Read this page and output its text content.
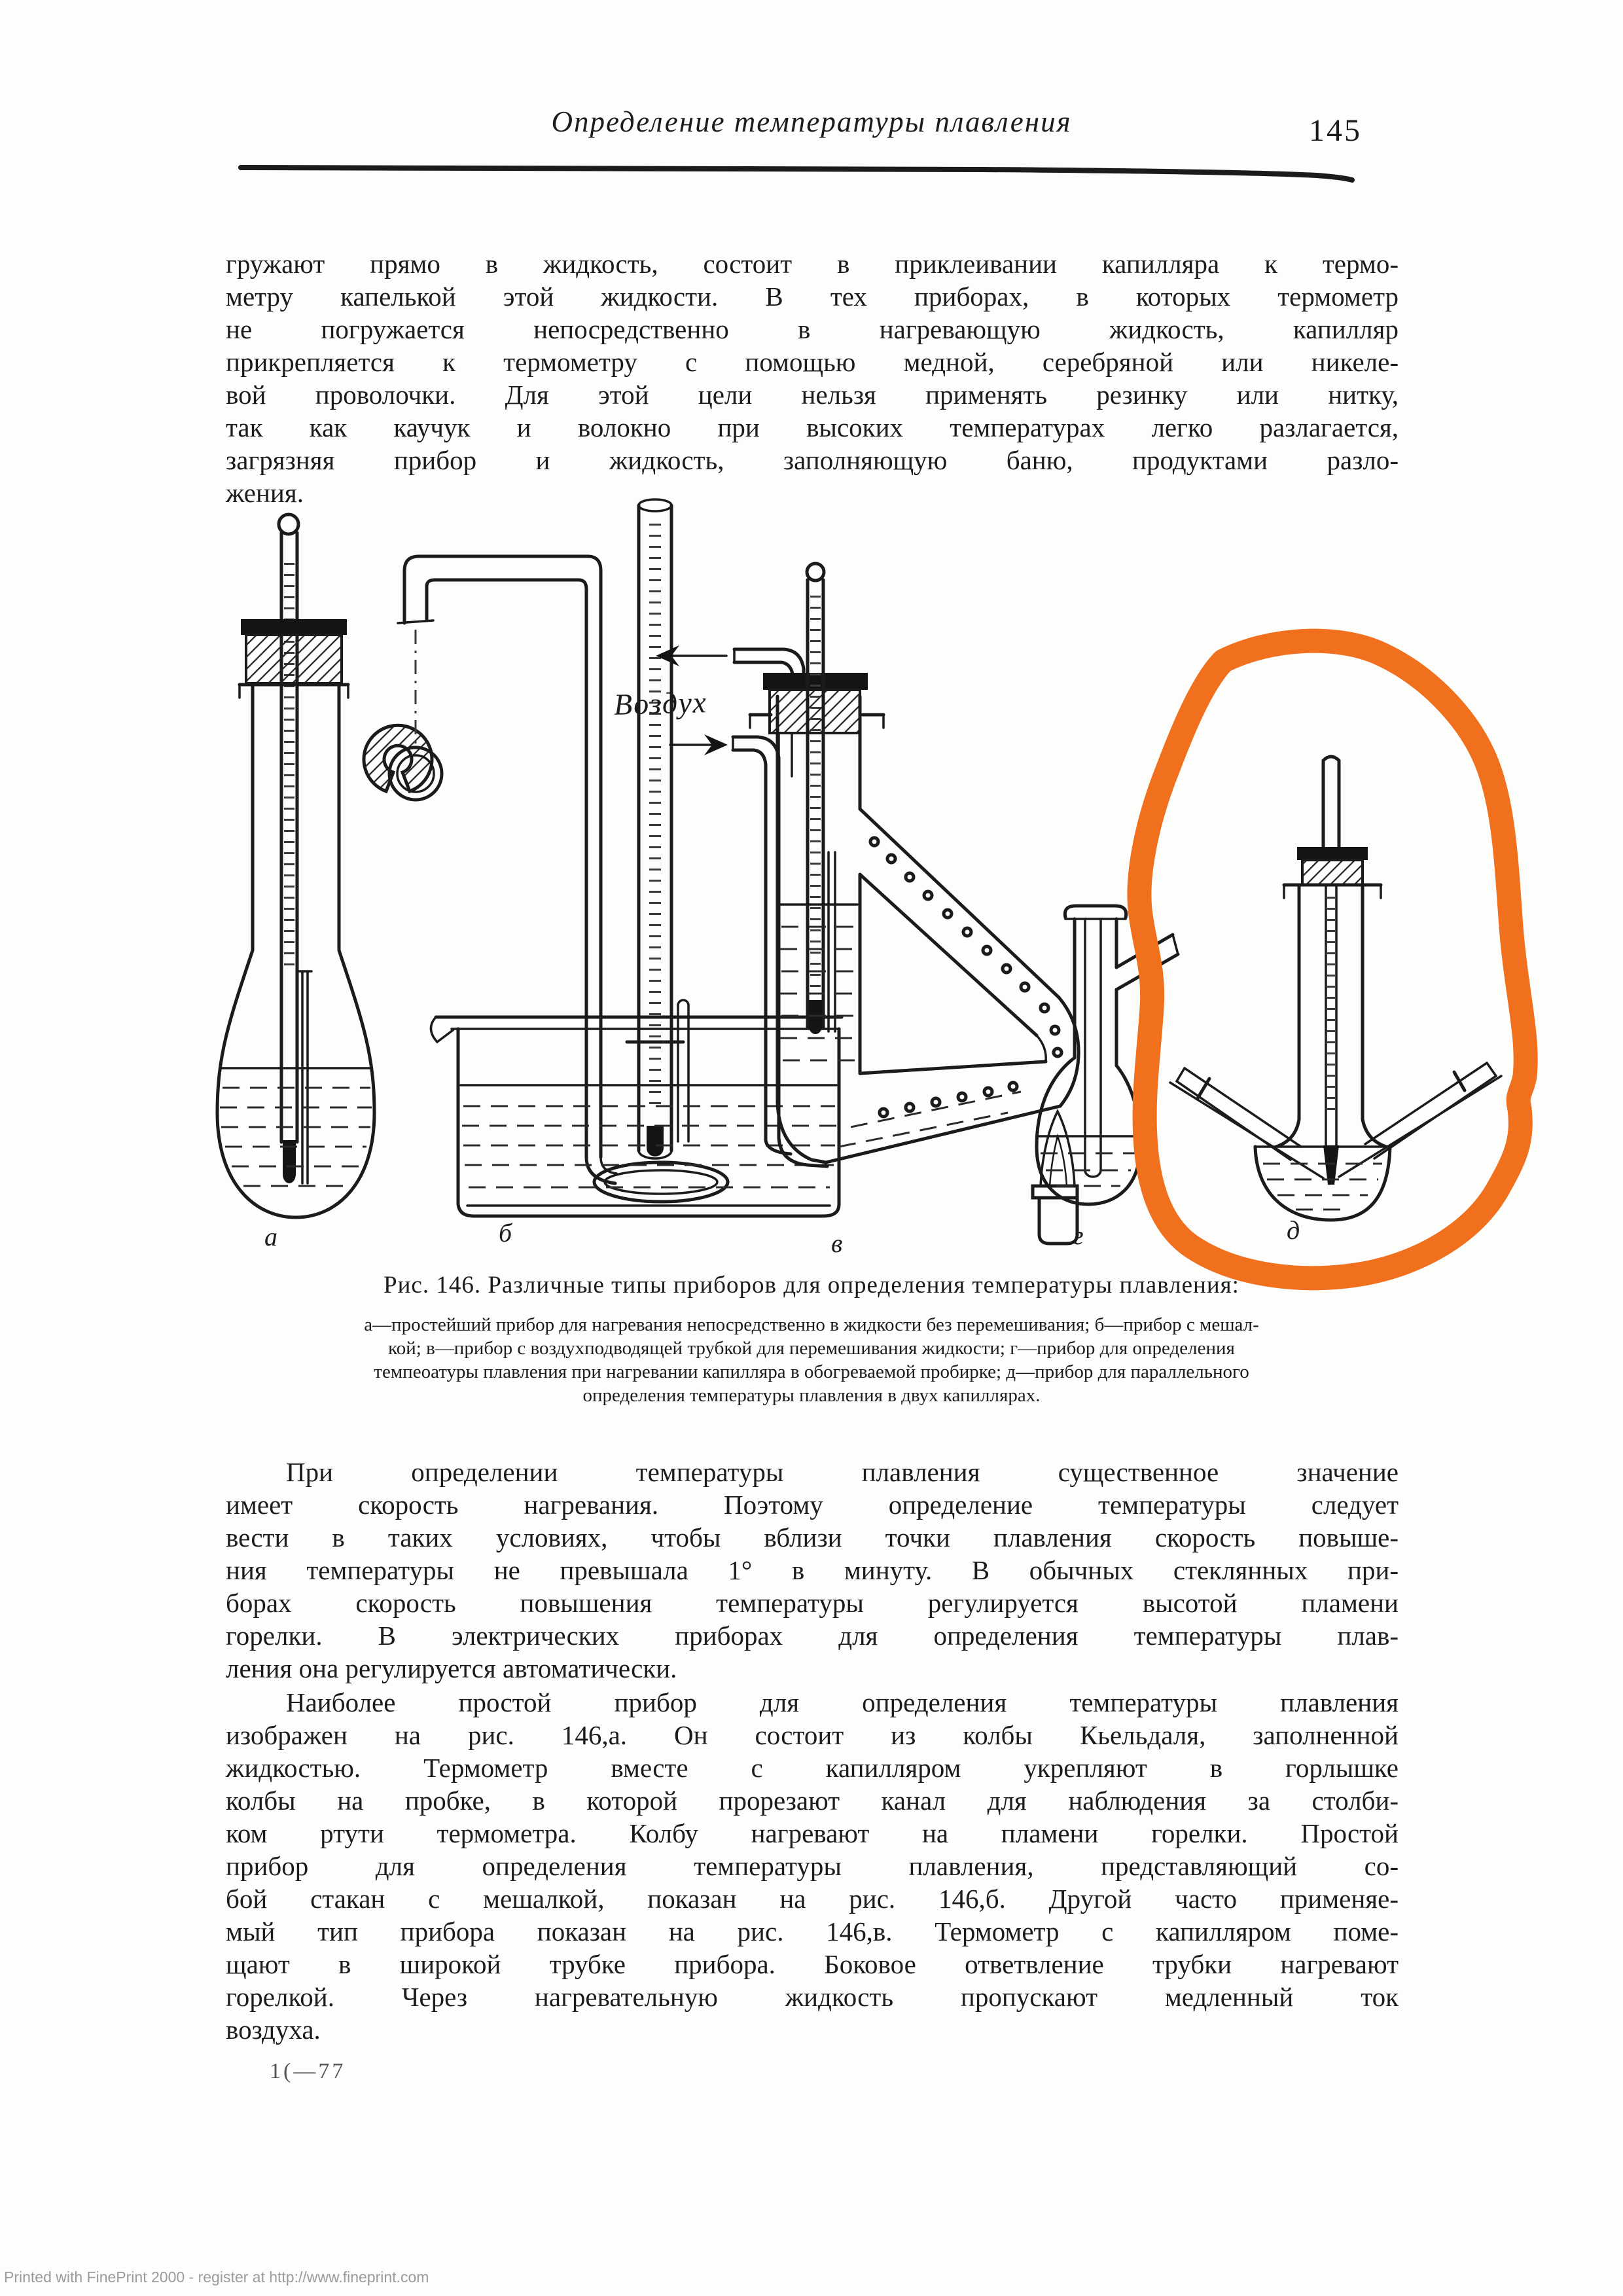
Определение температуры плавления	145
гружают прямо в жидкость, состоит в приклеивании капилляра к термо-
метру капелькой этой жидкости. В тех приборах, в которых термометр
не погружается непосредственно в нагревающую жидкость, капилляр
прикрепляется к термометру с помощью медной, серебряной или никеле-
вой проволочки. Для этой цели нельзя применять резинку или нитку,
так как каучук и волокно при высоких температурах легко разлагается,
загрязняя прибор и жидкость, заполняющую баню, продуктами разло-
жения.
а	б	в	г	д
Воздух
Рис. 146. Различные типы приборов для определения температуры плавления:
а—простейший прибор для нагревания непосредственно в жидкости без перемешивания; б—прибор с мешал-
кой; в—прибор с воздухподводящей трубкой для перемешивания жидкости; г—прибор для определения
темпеоатуры плавления при нагревании капилляра в обогреваемой пробирке; д—прибор для параллельного
определения температуры плавления в двух капиллярах.
При определении температуры плавления существенное значение
имеет скорость нагревания. Поэтому определение температуры следует
вести в таких условиях, чтобы вблизи точки плавления скорость повыше-
ния температуры не превышала 1° в минуту. В обычных стеклянных при-
борах скорость повышения температуры регулируется высотой пламени
горелки. В электрических приборах для определения температуры плав-
ления она регулируется автоматически.
Наиболее простой прибор для определения температуры плавления
изображен на рис. 146,а. Он состоит из колбы Кьельдаля, заполненной
жидкостью. Термометр вместе с капилляром укрепляют в горлышке
колбы на пробке, в которой прорезают канал для наблюдения за столби-
ком ртути термометра. Колбу нагревают на пламени горелки. Простой
прибор для определения температуры плавления, представляющий со-
бой стакан с мешалкой, показан на рис. 146,б. Другой часто применяе-
мый тип прибора показан на рис. 146,в. Термометр с капилляром поме-
щают в широкой трубке прибора. Боковое ответвление трубки нагревают
горелкой. Через нагревательную жидкость пропускают медленный ток
воздуха.
1(—77
Printed with FinePrint 2000 - register at http://www.fineprint.com
